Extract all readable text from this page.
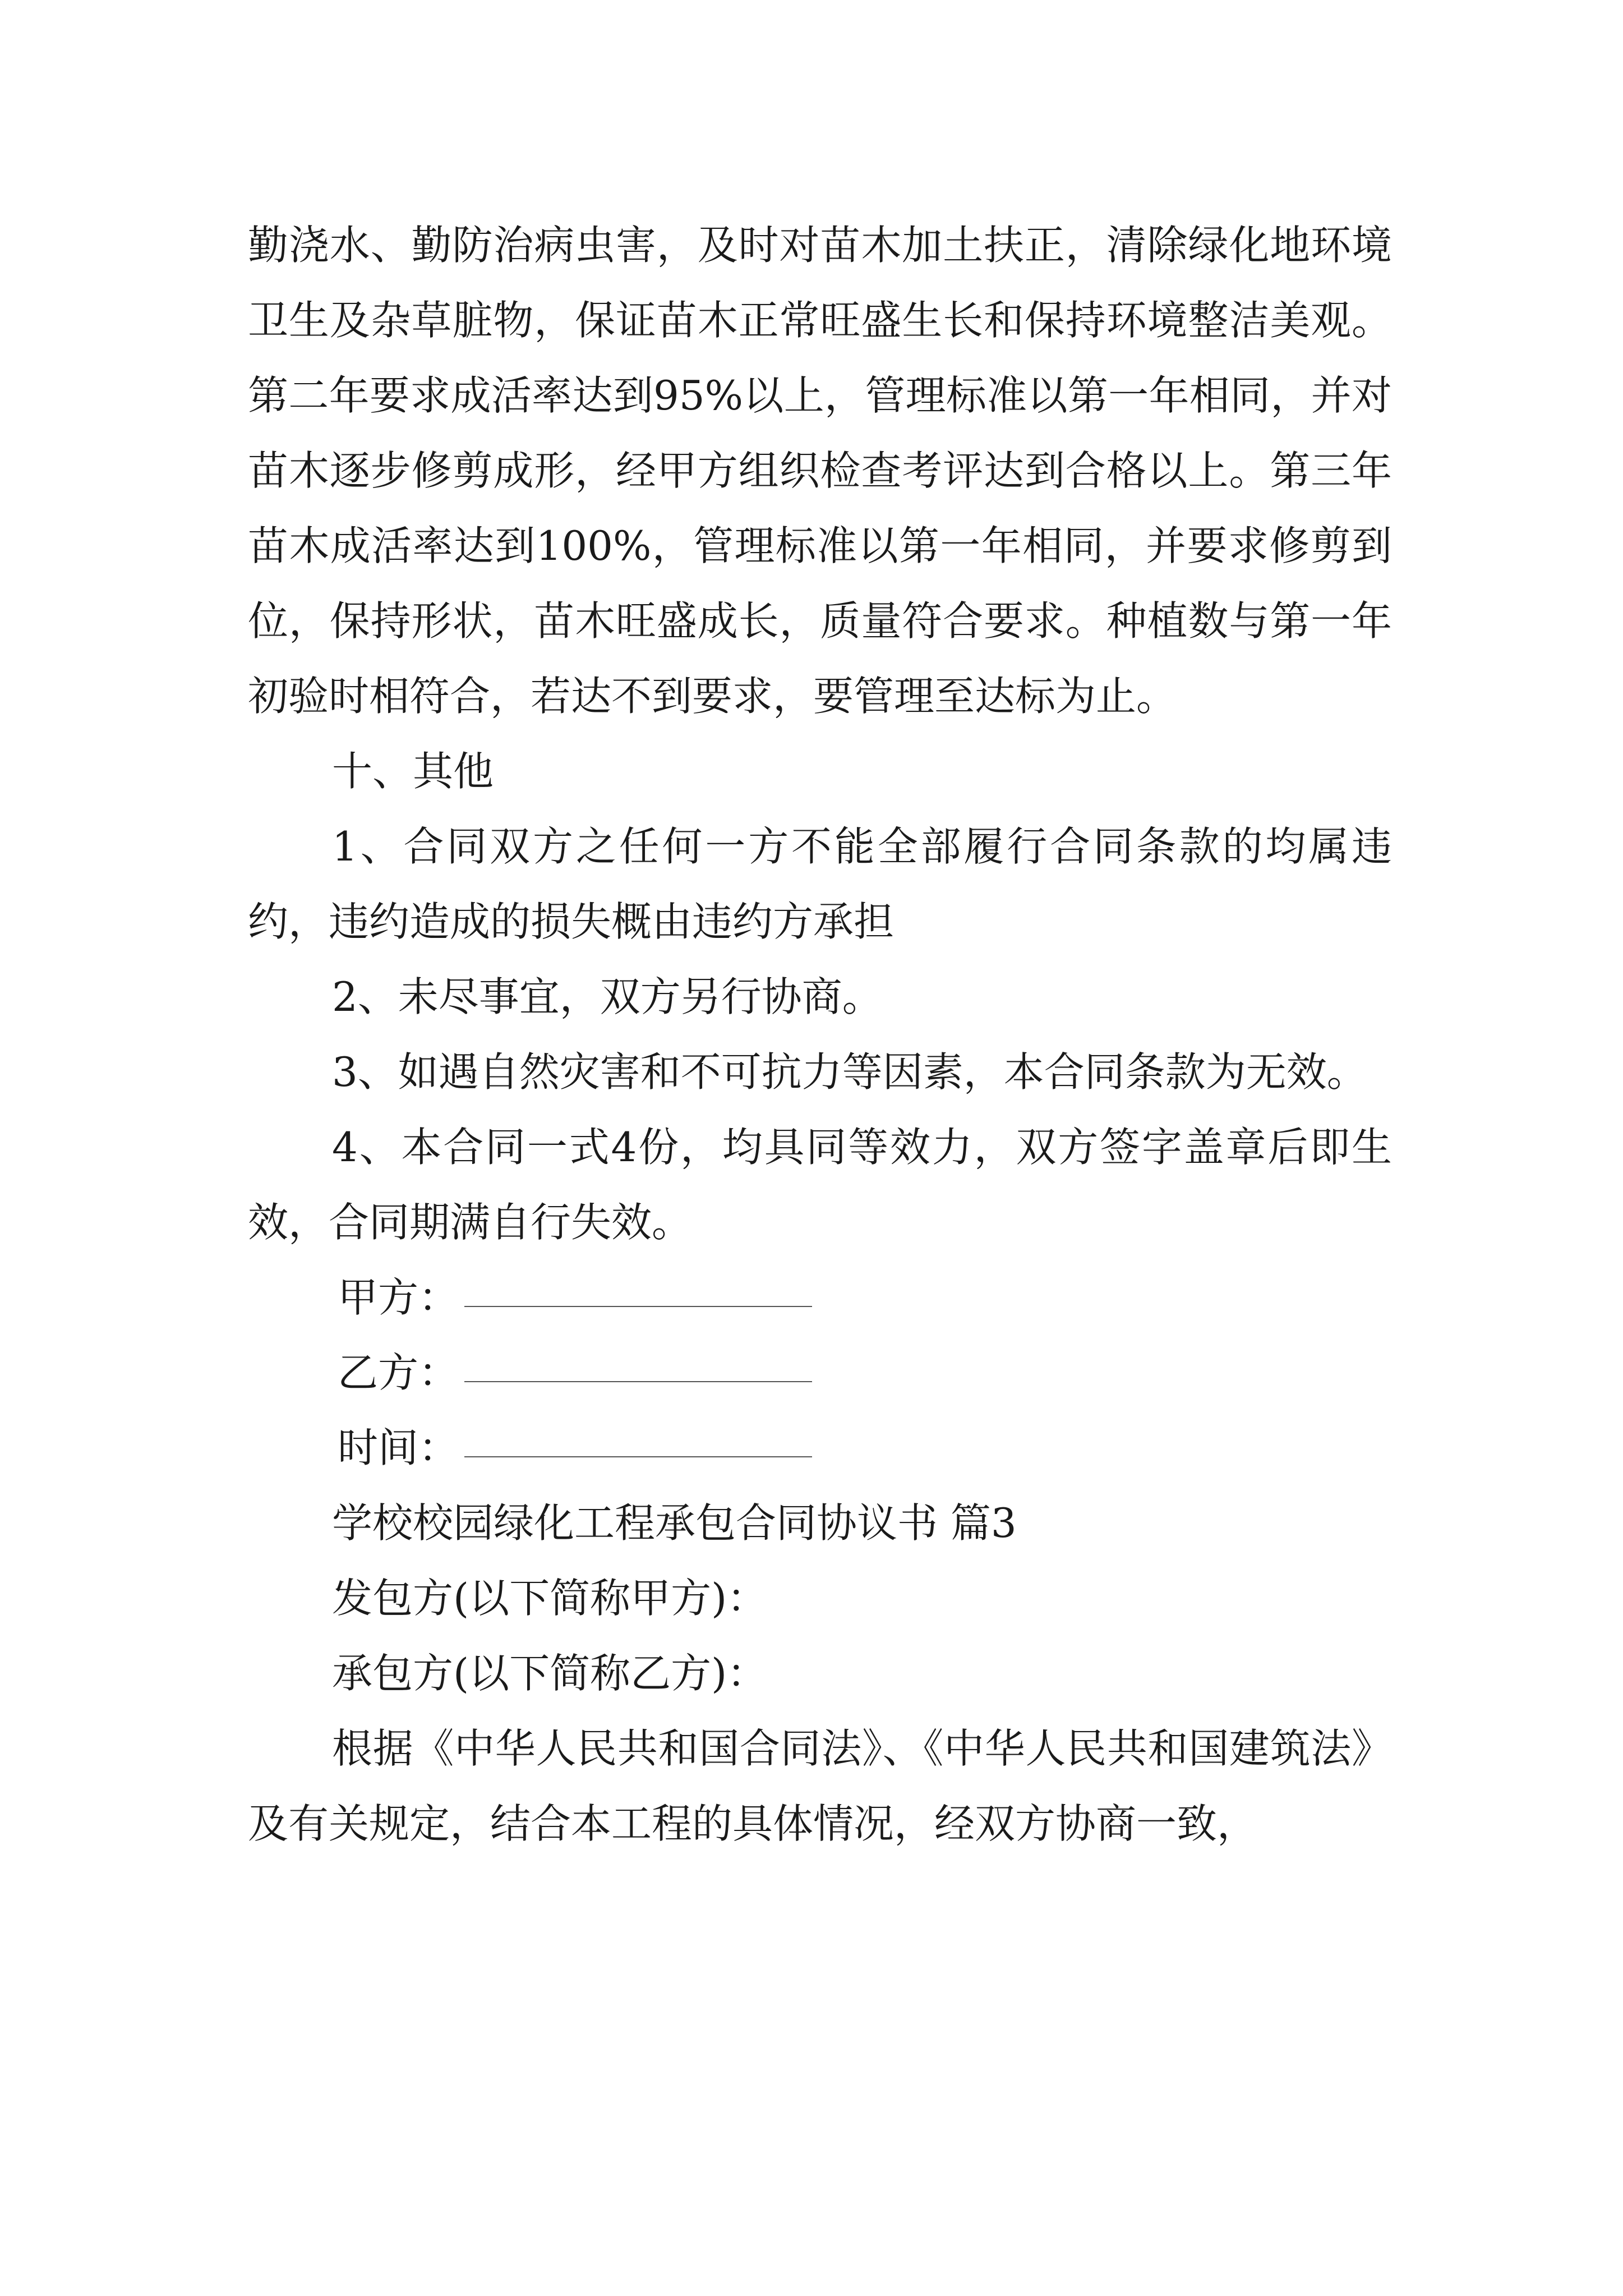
勤浇水、勤防治病虫害，及时对苗木加土扶正，清除绿化地环境卫生及杂草脏物，保证苗木正常旺盛生长和保持环境整洁美观。第二年要求成活率达到95%以上，管理标准以第一年相同，并对苗木逐步修剪成形，经甲方组织检查考评达到合格以上。第三年苗木成活率达到100%，管理标准以第一年相同，并要求修剪到位，保持形状，苗木旺盛成长，质量符合要求。种植数与第一年初验时相符合，若达不到要求，要管理至达标为止。

十、其他

1、合同双方之任何一方不能全部履行合同条款的均属违约，违约造成的损失概由违约方承担

2、未尽事宜，双方另行协商。

3、如遇自然灾害和不可抗力等因素，本合同条款为无效。

4、本合同一式4份，均具同等效力，双方签字盖章后即生效，合同期满自行失效。

甲方：
乙方：
时间：

学校校园绿化工程承包合同协议书 篇3

发包方(以下简称甲方)：

承包方(以下简称乙方)：

根据《中华人民共和国合同法》、《中华人民共和国建筑法》及有关规定，结合本工程的具体情况，经双方协商一致，
